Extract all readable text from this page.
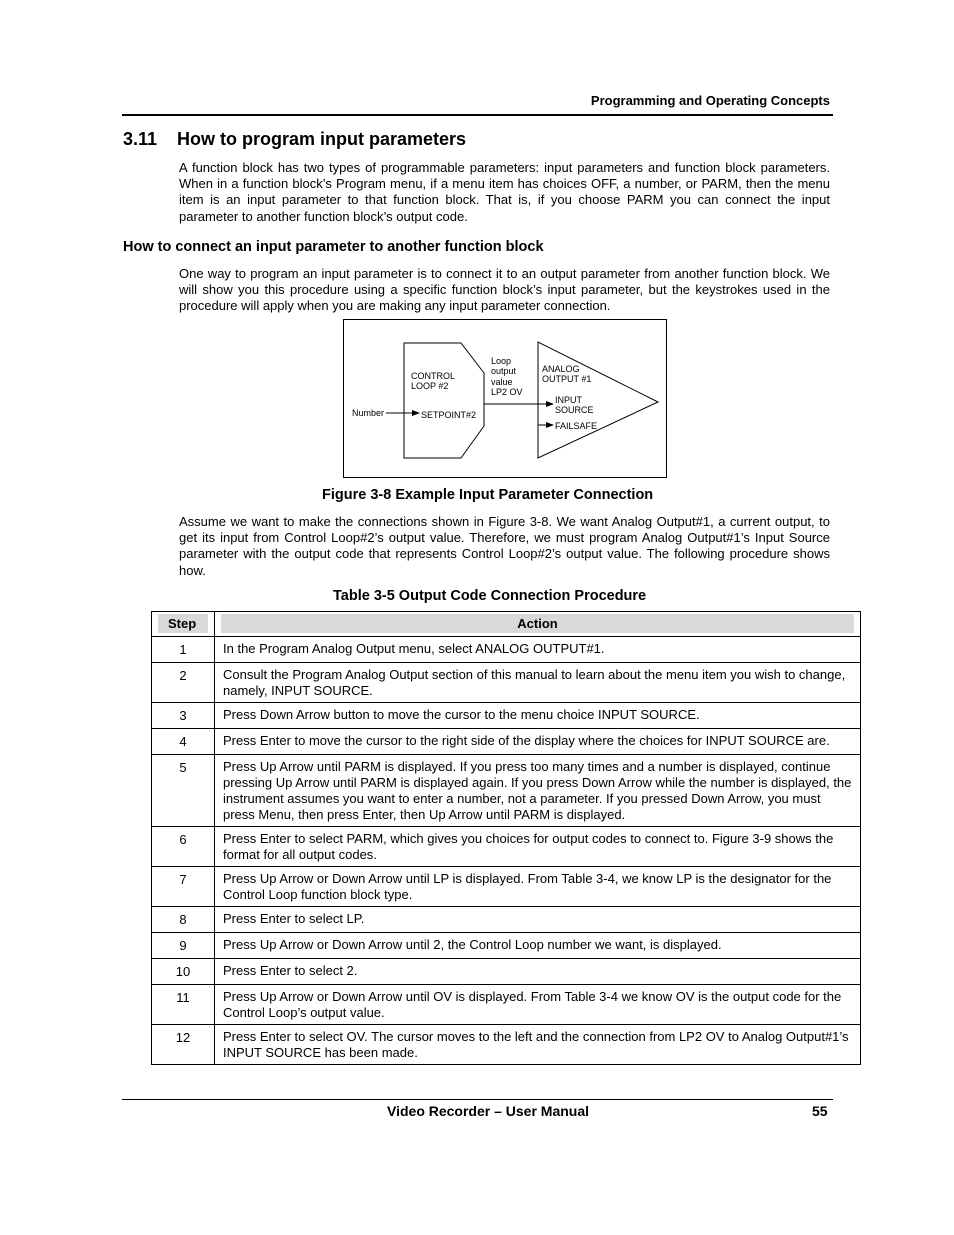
Programming and Operating Concepts
3.11 How to program input parameters
A function block has two types of programmable parameters: input parameters and function block parameters. When in a function block’s Program menu, if a menu item has choices OFF, a number, or PARM, then the menu item is an input parameter to that function block. That is, if you choose PARM you can connect the input parameter to another function block’s output code.
How to connect an input parameter to another function block
One way to program an input parameter is to connect it to an output parameter from another function block. We will show you this procedure using a specific function block’s input parameter, but the keystrokes used in the procedure will apply when you are making any input parameter connection.
CONTROL
LOOP #2
Number	SETPOINT#2
Loop
output
value
LP2 OV
ANALOG
OUTPUT #1
INPUT
SOURCE
FAILSAFE
Figure 3-8 Example Input Parameter Connection
Assume we want to make the connections shown in Figure 3-8. We want Analog Output#1, a current output, to get its input from Control Loop#2’s output value. Therefore, we must program Analog Output#1’s Input Source parameter with the output code that represents Control Loop#2’s output value. The following procedure shows how.
Table 3-5 Output Code Connection Procedure
Step	Action

1	In the Program Analog Output menu, select ANALOG OUTPUT#1.
2	Consult the Program Analog Output section of this manual to learn about the menu item you wish to change, namely, INPUT SOURCE.
3	Press Down Arrow button to move the cursor to the menu choice INPUT SOURCE.
4	Press Enter to move the cursor to the right side of the display where the choices for INPUT SOURCE are.
5	Press Up Arrow until PARM is displayed. If you press too many times and a number is displayed, continue pressing Up Arrow until PARM is displayed again. If you press Down Arrow while the number is displayed, the instrument assumes you want to enter a number, not a parameter. If you pressed Down Arrow, you must press Menu, then press Enter, then Up Arrow until PARM is displayed.
6	Press Enter to select PARM, which gives you choices for output codes to connect to. Figure 3-9 shows the format for all output codes.
7	Press Up Arrow or Down Arrow until LP is displayed. From Table 3-4, we know LP is the designator for the Control Loop function block type.
8	Press Enter to select LP.
9	Press Up Arrow or Down Arrow until 2, the Control Loop number we want, is displayed.
10	Press Enter to select 2.
11	Press Up Arrow or Down Arrow until OV is displayed. From Table 3-4 we know OV is the output code for the Control Loop’s output value.
12	Press Enter to select OV. The cursor moves to the left and the connection from LP2 OV to Analog Output#1’s INPUT SOURCE has been made.
Video Recorder – User Manual	55
